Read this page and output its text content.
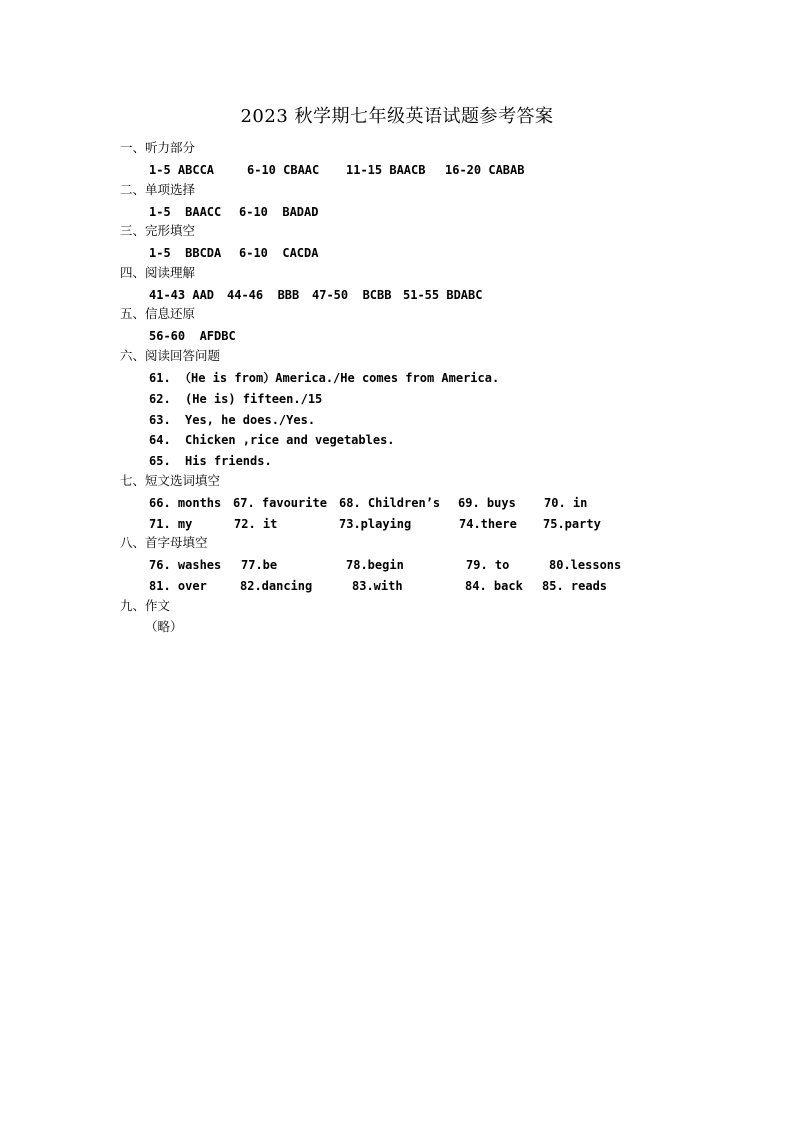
2023 秋学期七年级英语试题参考答案
一、听力部分
1-5 ABCCA	6-10 CBAAC 11-15 BAACB 16-20 CABAB
二、单项选择
1-5  BAACC 6-10  BADAD
三、完形填空
1-5  BBCDA 6-10  CACDA
四、阅读理解
41-43 AAD 44-46  BBB 47-50  BCBB 51-55 BDABC
五、信息还原
56-60  AFDBC
六、阅读回答问题
61. （He is from）America./He comes from America.
62. (He is) fifteen./15
63. Yes, he does./Yes.
64. Chicken ,rice and vegetables.
65. His friends.
七、短文选词填空
66. months 67. favourite 68. Children’s 69. buys 70. in
71. my	72. it	73.playing	74.there 75.party
八、首字母填空
76. washes 77.be	78.begin	79. to	80.lessons
81. over	82.dancing	83.with	84. back 85. reads
九、作文
（略）
